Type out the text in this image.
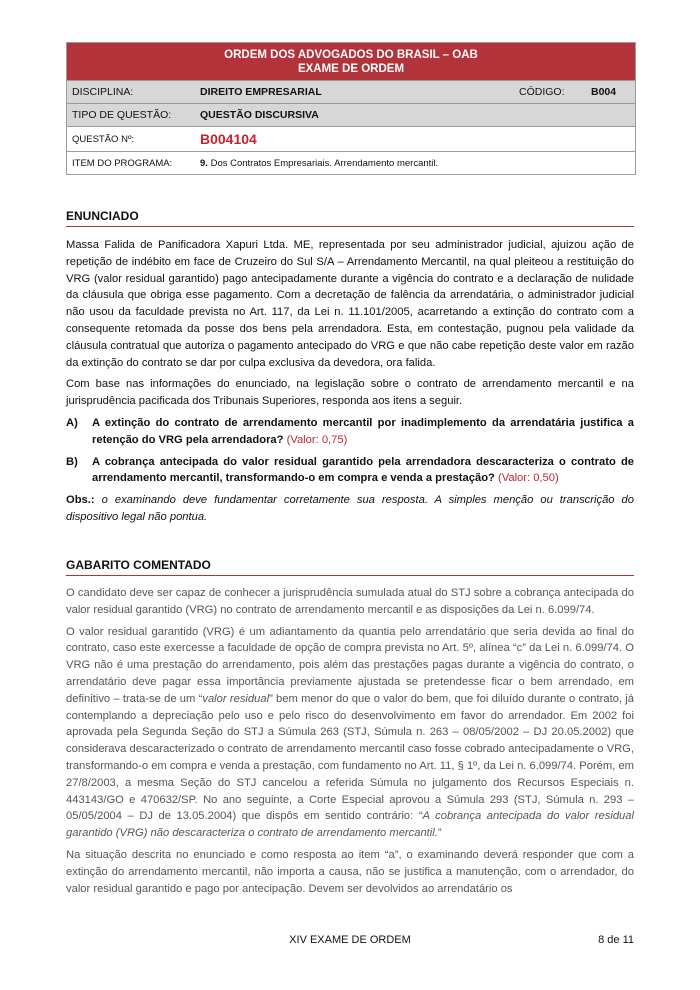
ORDEM DOS ADVOGADOS DO BRASIL – OAB
EXAME DE ORDEM
DISCIPLINA:	DIREITO EMPRESARIAL	CÓDIGO:	B004
TIPO DE QUESTÃO:	QUESTÃO DISCURSIVA
QUESTÃO Nº:	B004104
ITEM DO PROGRAMA:	9. Dos Contratos Empresariais. Arrendamento mercantil.
ENUNCIADO

Massa Falida de Panificadora Xapuri Ltda. ME, representada por seu administrador judicial, ajuizou ação de repetição de indébito em face de Cruzeiro do Sul S/A – Arrendamento Mercantil, na qual pleiteou a restituição do VRG (valor residual garantido) pago antecipadamente durante a vigência do contrato e a declaração de nulidade da cláusula que obriga esse pagamento. Com a decretação de falência da arrendatária, o administrador judicial não usou da faculdade prevista no Art. 117, da Lei n. 11.101/2005, acarretando a extinção do contrato com a consequente retomada da posse dos bens pela arrendadora. Esta, em contestação, pugnou pela validade da cláusula contratual que autoriza o pagamento antecipado do VRG e que não cabe repetição deste valor em razão da extinção do contrato se dar por culpa exclusiva da devedora, ora falida.

Com base nas informações do enunciado, na legislação sobre o contrato de arrendamento mercantil e na jurisprudência pacificada dos Tribunais Superiores, responda aos itens a seguir.

A)	A extinção do contrato de arrendamento mercantil por inadimplemento da arrendatária justifica a retenção do VRG pela arrendadora? (Valor: 0,75)
B)	A cobrança antecipada do valor residual garantido pela arrendadora descaracteriza o contrato de arrendamento mercantil, transformando-o em compra e venda a prestação? (Valor: 0,50)

Obs.: o examinando deve fundamentar corretamente sua resposta. A simples menção ou transcrição do dispositivo legal não pontua.

GABARITO COMENTADO

O candidato deve ser capaz de conhecer a jurisprudência sumulada atual do STJ sobre a cobrança antecipada do valor residual garantido (VRG) no contrato de arrendamento mercantil e as disposições da Lei n. 6.099/74.

O valor residual garantido (VRG) é um adiantamento da quantia pelo arrendatário que seria devida ao final do contrato, caso este exercesse a faculdade de opção de compra prevista no Art. 5º, alínea “c” da Lei n. 6.099/74. O VRG não é uma prestação do arrendamento, pois além das prestações pagas durante a vigência do contrato, o arrendatário deve pagar essa importância previamente ajustada se pretendesse ficar o bem arrendado, em definitivo – trata-se de um “valor residual” bem menor do que o valor do bem, que foi diluído durante o contrato, já contemplando a depreciação pelo uso e pelo risco do desenvolvimento em favor do arrendador. Em 2002 foi aprovada pela Segunda Seção do STJ a Súmula 263 (STJ, Súmula n. 263 – 08/05/2002 – DJ 20.05.2002) que considerava descaracterizado o contrato de arrendamento mercantil caso fosse cobrado antecipadamente o VRG, transformando-o em compra e venda a prestação, com fundamento no Art. 11, § 1º, da Lei n. 6.099/74. Porém, em 27/8/2003, a mesma Seção do STJ cancelou a referida Súmula no julgamento dos Recursos Especiais n. 443143/GO e 470632/SP. No ano seguinte, a Corte Especial aprovou a Súmula 293 (STJ, Súmula n. 293 – 05/05/2004 – DJ de 13.05.2004) que dispôs em sentido contrário: “A cobrança antecipada do valor residual garantido (VRG) não descaracteriza o contrato de arrendamento mercantil.”

Na situação descrita no enunciado e como resposta ao item “a”, o examinando deverá responder que com a extinção do arrendamento mercantil, não importa a causa, não se justifica a manutenção, com o arrendador, do valor residual garantido e pago por antecipação. Devem ser devolvidos ao arrendatário os

XIV EXAME DE ORDEM	8 de 11
